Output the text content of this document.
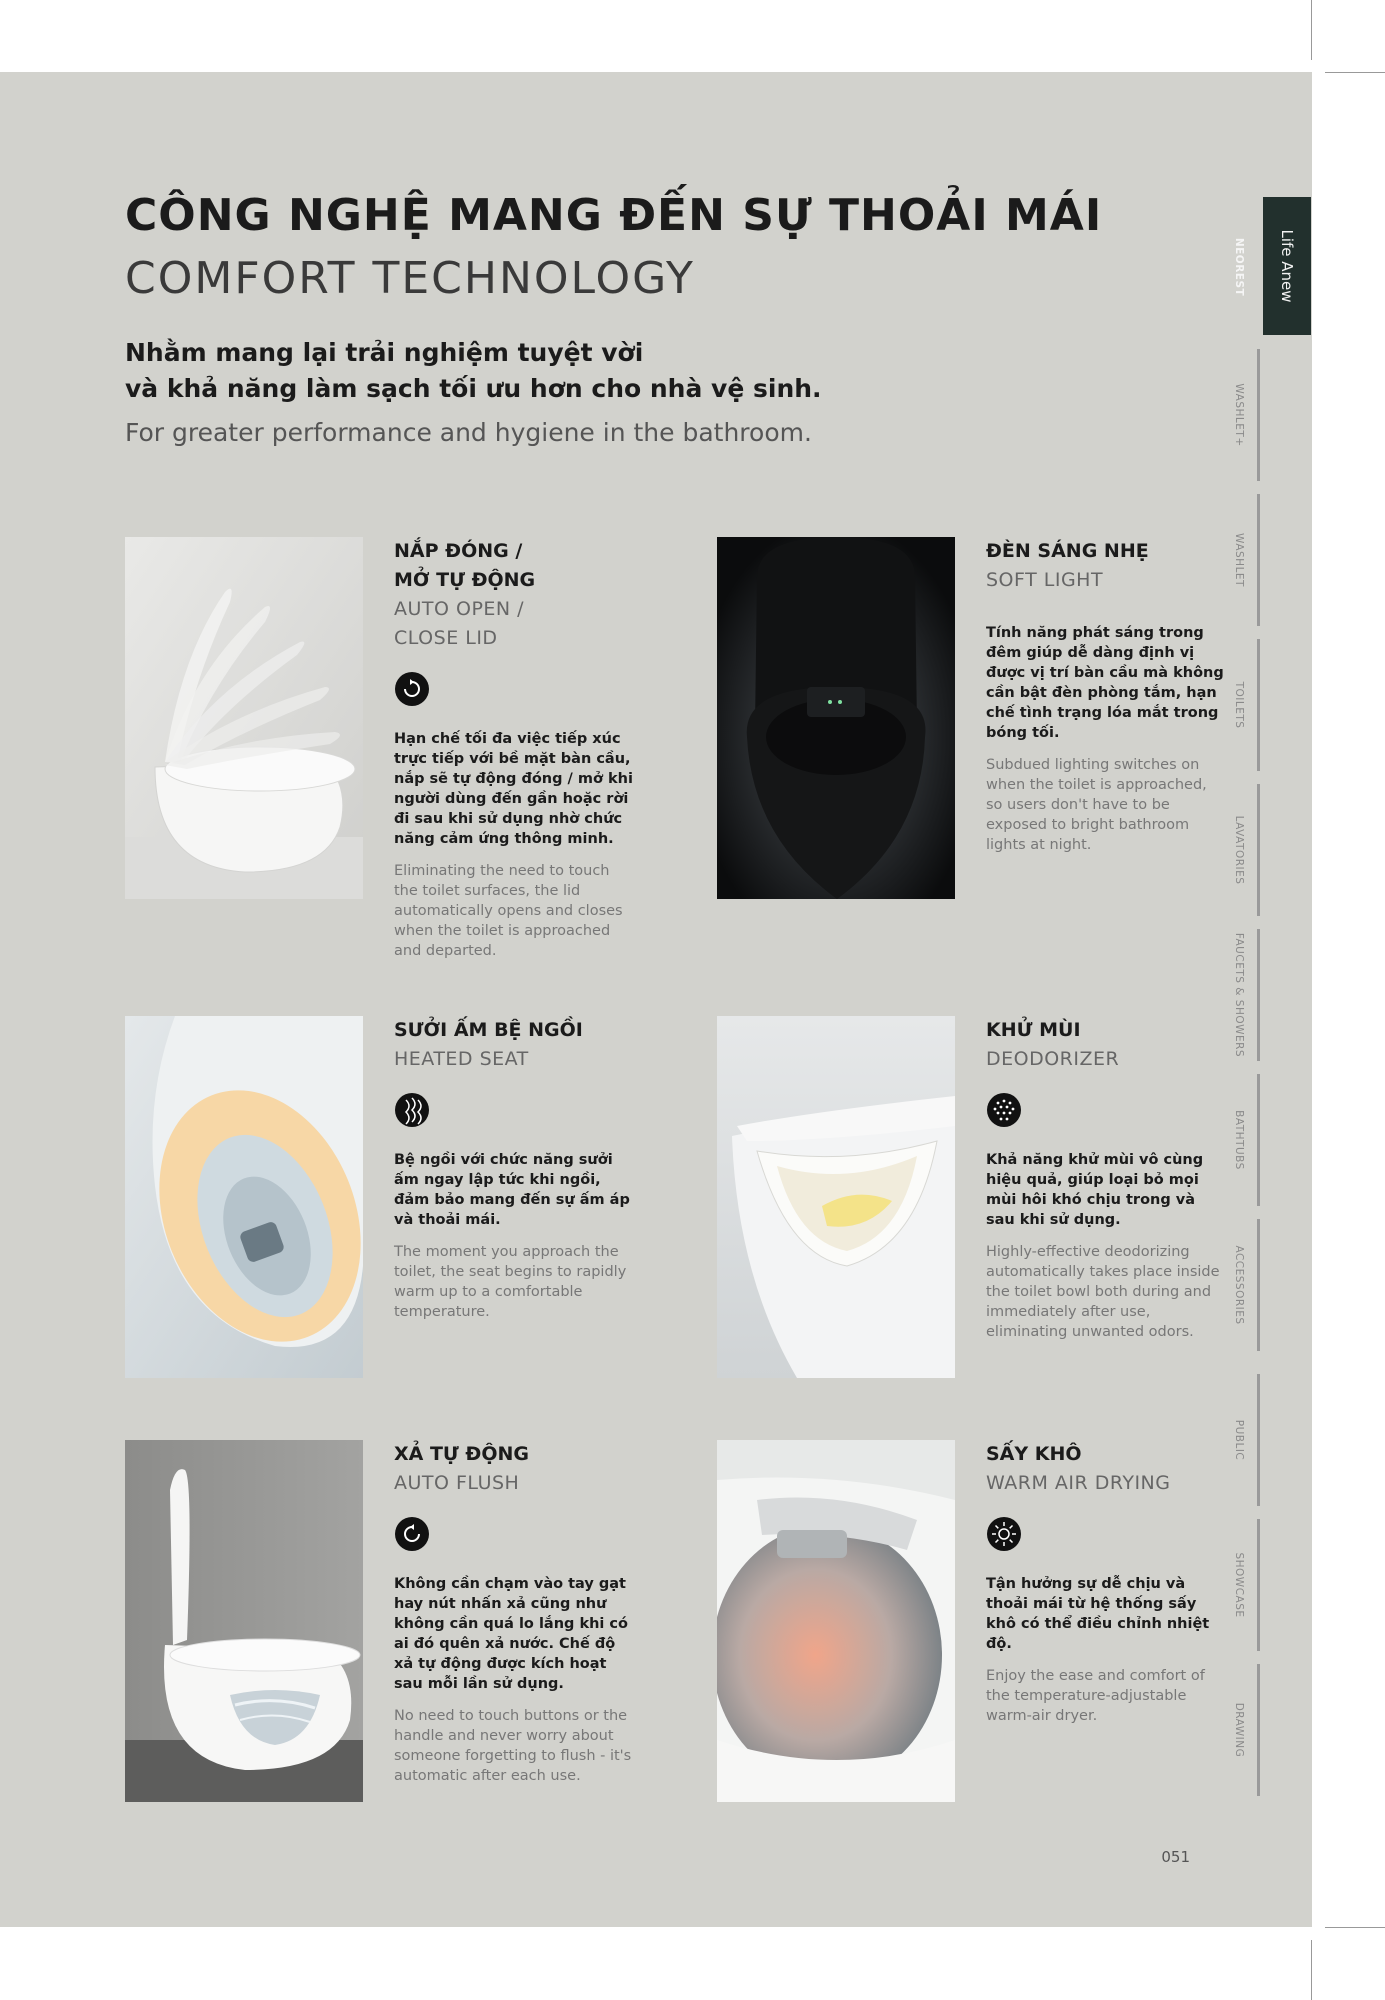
CÔNG NGHỆ MANG ĐẾN SỰ THOẢI MÁI
COMFORT TECHNOLOGY

Nhằm mang lại trải nghiệm tuyệt vời
và khả năng làm sạch tối ưu hơn cho nhà vệ sinh.

For greater performance and hygiene in the bathroom.

NẮP ĐÓNG /
MỞ TỰ ĐỘNG

AUTO OPEN /
CLOSE LID

Hạn chế tối đa việc tiếp xúc trực tiếp với bề mặt bàn cầu, nắp sẽ tự động đóng / mở khi người dùng đến gần hoặc rời đi sau khi sử dụng nhờ chức năng cảm ứng thông minh.

Eliminating the need to touch the toilet surfaces, the lid automatically opens and closes when the toilet is approached and departed.

ĐÈN SÁNG NHẸ

SOFT LIGHT

Tính năng phát sáng trong đêm giúp dễ dàng định vị được vị trí bàn cầu mà không cần bật đèn phòng tắm, hạn chế tình trạng lóa mắt trong bóng tối.

Subdued lighting switches on when the toilet is approached, so users don't have to be exposed to bright bathroom lights at night.

SƯỞI ẤM BỆ NGỒI

HEATED SEAT

Bệ ngồi với chức năng sưởi ấm ngay lập tức khi ngồi, đảm bảo mang đến sự ấm áp và thoải mái.

The moment you approach the toilet, the seat begins to rapidly warm up to a comfortable temperature.

KHỬ MÙI

DEODORIZER

Khả năng khử mùi vô cùng hiệu quả, giúp loại bỏ mọi mùi hôi khó chịu trong và sau khi sử dụng.

Highly-effective deodorizing automatically takes place inside the toilet bowl both during and immediately after use, eliminating unwanted odors.

XẢ TỰ ĐỘNG

AUTO FLUSH

Không cần chạm vào tay gạt hay nút nhấn xả cũng như không cần quá lo lắng khi có ai đó quên xả nước. Chế độ xả tự động được kích hoạt sau mỗi lần sử dụng.

No need to touch buttons or the handle and never worry about someone forgetting to flush - it's automatic after each use.

SẤY KHÔ

WARM AIR DRYING

Tận hưởng sự dễ chịu và thoải mái từ hệ thống sấy khô có thể điều chỉnh nhiệt độ.

Enjoy the ease and comfort of the temperature-adjustable warm-air dryer.

Life Anew
NEOREST
WASHLET+
WASHLET
TOILETS
LAVATORIES
FAUCETS & SHOWERS
BATHTUBS
ACCESSORIES
PUBLIC
SHOWCASE
DRAWING
051
